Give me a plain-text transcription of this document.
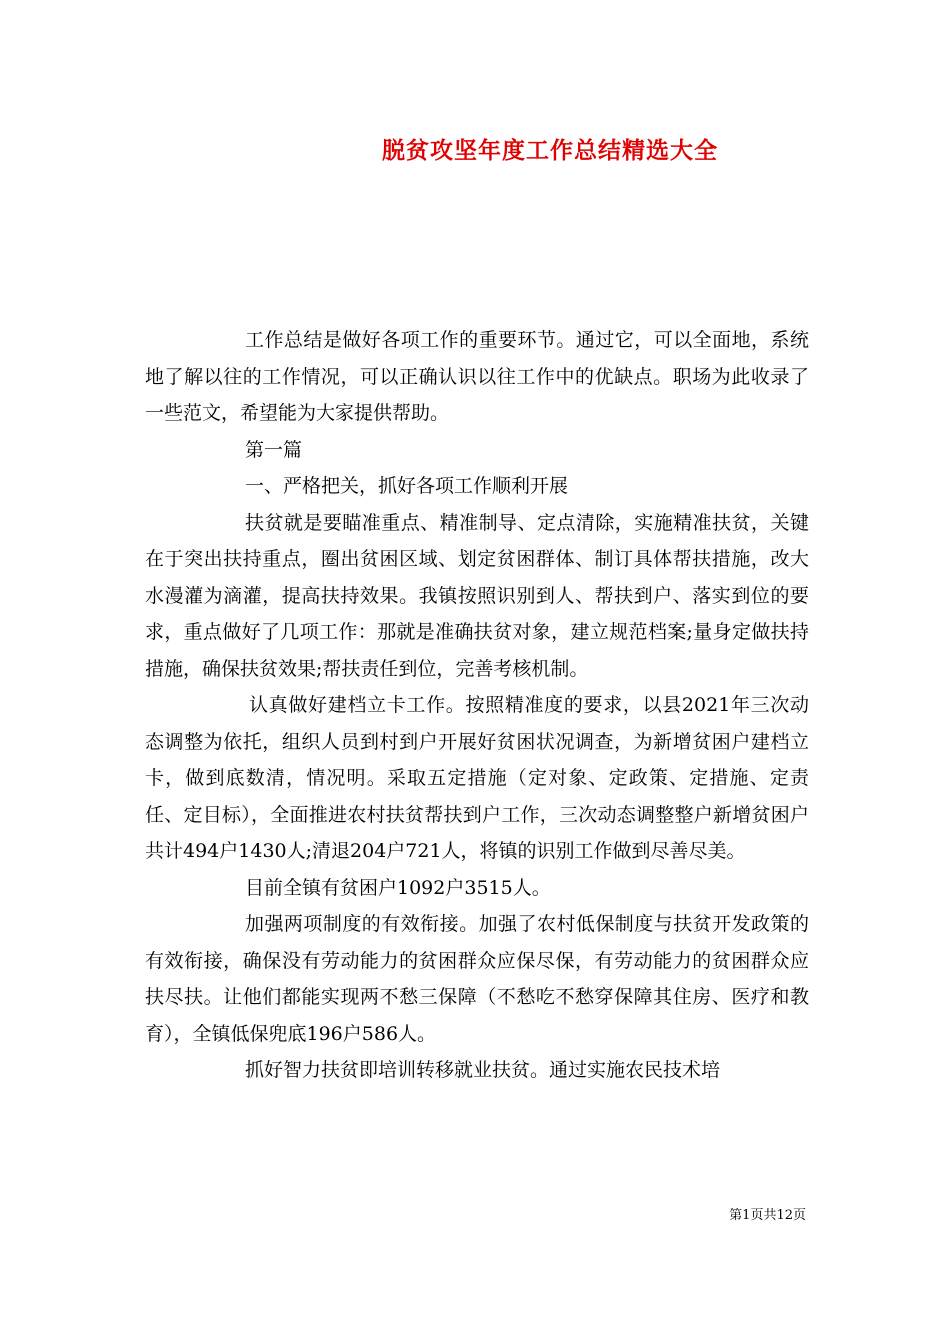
脱贫攻坚年度工作总结精选大全

工作总结是做好各项工作的重要环节。通过它，可以全面地，系统地了解以往的工作情况，可以正确认识以往工作中的优缺点。职场为此收录了一些范文，希望能为大家提供帮助。

第一篇

一、严格把关，抓好各项工作顺利开展

扶贫就是要瞄准重点、精准制导、定点清除，实施精准扶贫，关键在于突出扶持重点，圈出贫困区域、划定贫困群体、制订具体帮扶措施，改大水漫灌为滴灌，提高扶持效果。我镇按照识别到人、帮扶到户、落实到位的要求，重点做好了几项工作：那就是准确扶贫对象，建立规范档案;量身定做扶持措施，确保扶贫效果;帮扶责任到位，完善考核机制。

认真做好建档立卡工作。按照精准度的要求，以县2021年三次动态调整为依托，组织人员到村到户开展好贫困状况调查，为新增贫困户建档立卡，做到底数清，情况明。采取五定措施（定对象、定政策、定措施、定责任、定目标），全面推进农村扶贫帮扶到户工作，三次动态调整整户新增贫困户共计494户1430人;清退204户721人，将镇的识别工作做到尽善尽美。

目前全镇有贫困户1092户3515人。

加强两项制度的有效衔接。加强了农村低保制度与扶贫开发政策的有效衔接，确保没有劳动能力的贫困群众应保尽保，有劳动能力的贫困群众应扶尽扶。让他们都能实现两不愁三保障（不愁吃不愁穿保障其住房、医疗和教育），全镇低保兜底196户586人。

抓好智力扶贫即培训转移就业扶贫。通过实施农民技术培

第1页共12页
